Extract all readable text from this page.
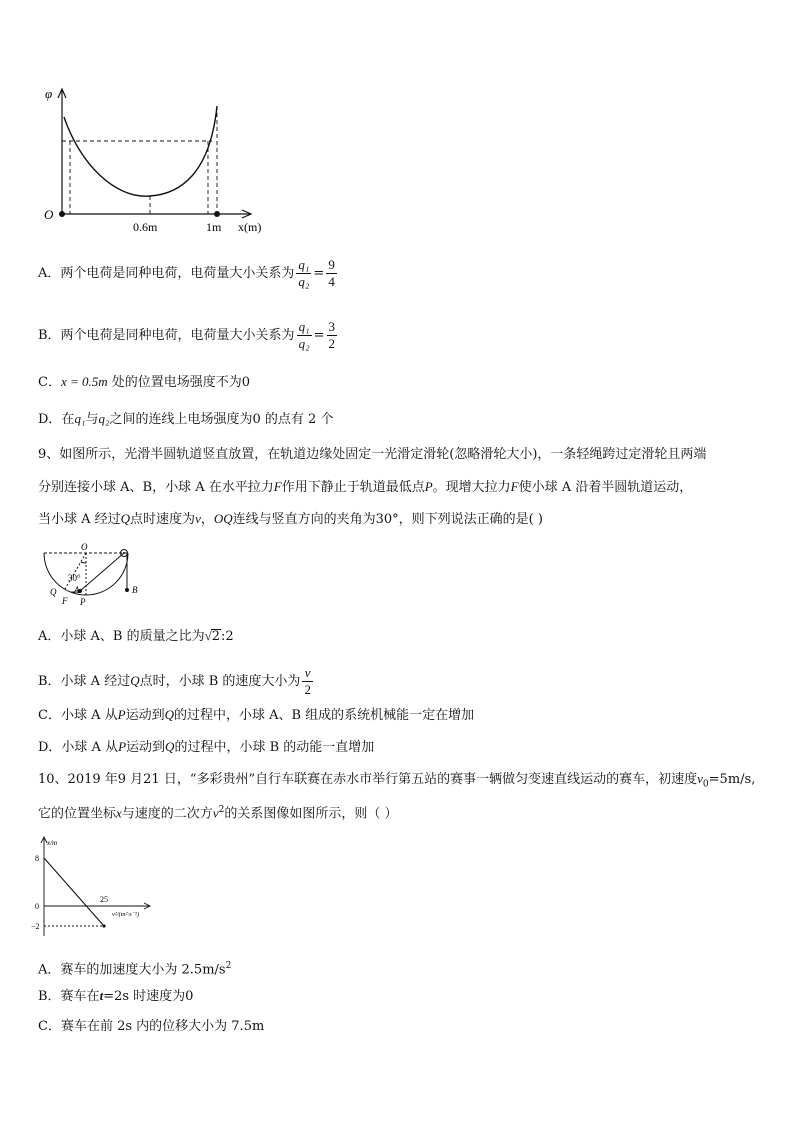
φ
O
0.6m	1m x(m)
A．两个电荷是同种电荷，电荷量大小关系为 $\frac{\text{q₁}}{\text{q₂}} = \frac{9}{4}$
B．两个电荷是同种电荷，电荷量大小关系为 $\frac{\text{q₁}}{\text{q₂}} = \frac{3}{2}$
C．x = 0.5m 处的位置电场强度不为0
D．在q₁与q₂之间的连线上电场强度为0 的点有 2 个
9、如图所示，光滑半圆轨道竖直放置，在轨道边缘处固定一光滑定滑轮(忽略滑轮大小)，一条轻绳跨过定滑轮且两端
分别连接小球 A、B，小球 A 在水平拉力F作用下静止于轨道最低点P。现增大拉力F使小球 A 沿着半圆轨道运动，
当小球 A 经过Q点时速度为v，OQ连线与竖直方向的夹角为30°，则下列说法正确的是( )
O
30°
Q A
F P
B
A．小球 A、B 的质量之比为√2:2
B．小球 A 经过Q点时，小球 B 的速度大小为 $\frac{v}{2}$
C．小球 A 从P运动到Q的过程中，小球 A、B 组成的系统机械能一定在增加
D．小球 A 从P运动到Q的过程中，小球 B 的动能一直增加
10、2019 年9 月21 日，“多彩贵州”自行车联赛在赤水市举行第五站的赛事一辆做匀变速直线运动的赛车，初速度$v_0=5m/s$,
它的位置坐标x与速度的二次方$v^2$的关系图像如图所示，则（ ）
x/m
8
0
−2
25
v²/(m²·s⁻²)
A．赛车的加速度大小为 $2.5m/s^2$
B．赛车在t=2s 时速度为0
C．赛车在前 2s 内的位移大小为 7.5m
